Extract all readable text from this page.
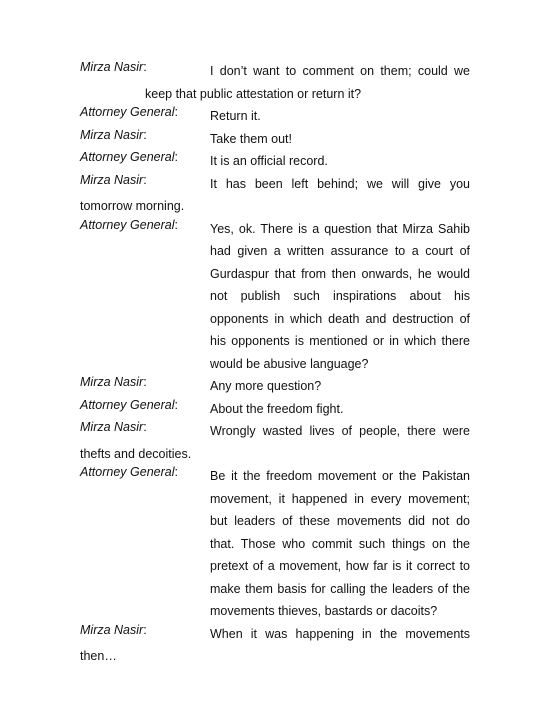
Mirza Nasir:	I don’t want to comment on them; could we
keep that public attestation or return it?
Attorney General:	Return it.
Mirza Nasir:	Take them out!
Attorney General:	It is an official record.
Mirza Nasir:	It has been left behind; we will give you
tomorrow morning.
Attorney General:	Yes, ok. There is a question that Mirza Sahib
had given a written assurance to a court of
Gurdaspur that from then onwards, he would
not publish such inspirations about his
opponents in which death and destruction of
his opponents is mentioned or in which there
would be abusive language?
Mirza Nasir:	Any more question?
Attorney General:	About the freedom fight.
Mirza Nasir:	Wrongly wasted lives of people, there were
thefts and decoities.
Attorney General:	Be it the freedom movement or the Pakistan
movement, it happened in every movement;
but leaders of these movements did not do
that. Those who commit such things on the
pretext of a movement, how far is it correct to
make them basis for calling the leaders of the
movements thieves, bastards or dacoits?
Mirza Nasir:	When it was happening in the movements
then…
